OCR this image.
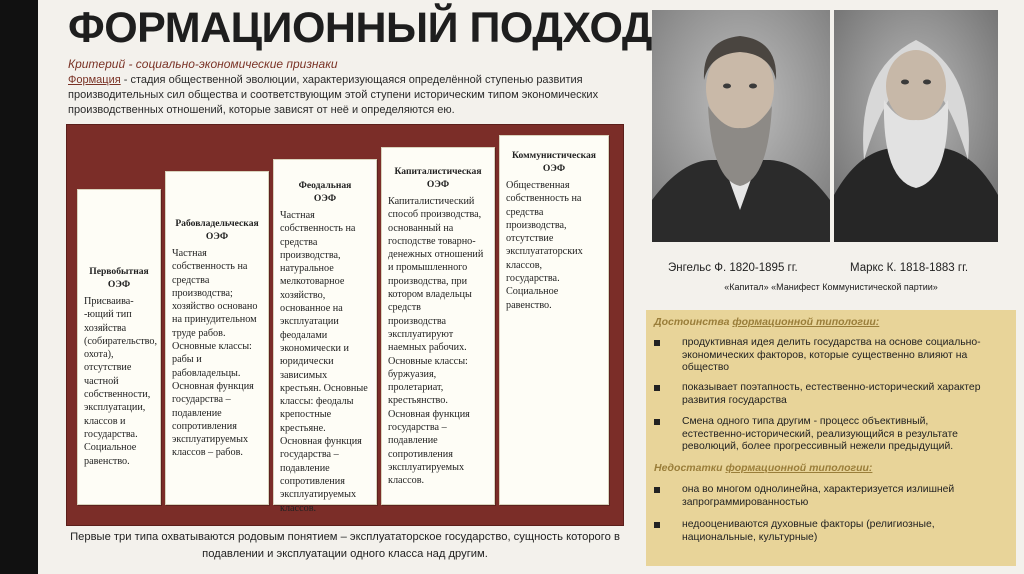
ФОРМАЦИОННЫЙ ПОДХОД
Критерий - социально-экономические признаки
Формация - стадия общественной эволюции, характеризующаяся определённой ступенью развития производительных сил общества и соответствующим этой ступени историческим типом экономических производственных отношений, которые зависят от неё и определяются ею.
Первобытная
ОЭФ
Присваива-
-ющий тип
хозяйства
(собирательство,
охота),
отсутствие
частной
собственности,
эксплуатации,
классов и
государства.
Социальное
равенство.
Рабовладельческая
ОЭФ
Частная
собственность на
средства
производства;
хозяйство основано
на принудительном
труде рабов.
Основные классы:
рабы и
рабовладельцы.
Основная функция
государства –
подавление
сопротивления
эксплуатируемых
классов – рабов.
Феодальная
ОЭФ
Частная
собственность на
средства
производства,
натуральное
мелкотоварное
хозяйство,
основанное на
эксплуатации
феодалами
экономически и
юридически
зависимых
крестьян. Основные
классы: феодалы
крепостные
крестьяне.
Основная функция
государства –
подавление
сопротивления
эксплуатируемых
классов.
Капиталистическая
ОЭФ
Капиталистический
способ производства,
основанный на
господстве товарно-
денежных отношений
и промышленного
производства, при
котором владельцы
средств
производства
эксплуатируют
наемных рабочих.
Основные классы:
буржуазия,
пролетариат,
крестьянство.
Основная функция
государства –
подавление
сопротивления
эксплуатируемых
классов.
Коммунистическая
ОЭФ
Общественная
собственность на
средства
производства,
отсутствие
эксплуататорских
классов,
государства.
Социальное
равенство.
Первые три типа охватываются родовым понятием – эксплуататорское государство, сущность которого в подавлении и эксплуатации одного класса над другим.
Энгельс Ф. 1820-1895 гг.	Маркс К. 1818-1883 гг.
«Капитал» «Манифест Коммунистической партии»
Достоинства формационной типологии:
продуктивная идея делить государства на основе социально-
экономических факторов, которые существенно влияют на
общество
показывает поэтапность, естественно-исторический характер
развития государства
Смена одного типа другим - процесс объективный,
естественно-исторический, реализующийся в результате
революций, более прогрессивный нежели предыдущий.
Недостатки формационной типологии:
она во многом однолинейна, характеризуется излишней
запрограммированностью
недооцениваются духовные факторы (религиозные,
национальные, культурные)
